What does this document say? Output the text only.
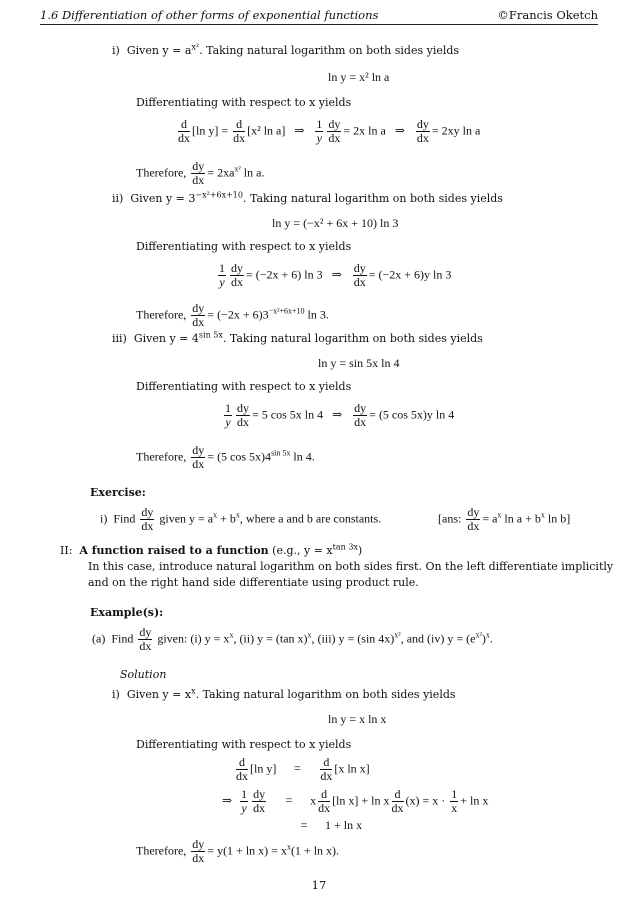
1.6 Differentiation of other forms of exponential functions	©Francis Oketch
i) Given $y = a^{x^2}$. Taking natural logarithm on both sides yields
ln y = x² ln a
Differentiating with respect to x yields
$\frac{d}{dx} [\ln$ $y] = \frac{d}{dx} [x^2$ ln a] ⇒ $\frac{1}{y} \frac{dy}{dx} = 2x$ ln a ⇒ $\frac{dy}{dx} = 2xy$ ln a
Therefore, $\frac{dy}{dx} = 2xa^{x^2}$ ln a.
ii) Given $y = 3^{-x^2+6x+10}$. Taking natural logarithm on both sides yields
ln y = (−x² + 6x + 10) ln 3
Differentiating with respect to x yields
$\frac{1}{y} \frac{dy}{dx} = (-2x + 6)$ ln 3 ⇒ $\frac{dy}{dx} = (-2x + 6)y$ ln 3
Therefore, $\frac{dy}{dx} = (-2x + 6)3^{-x^2+6x+10}$ ln 3.
iii) Given $y = 4^{sin 5x}$. Taking natural logarithm on both sides yields
ln y = sin 5x ln 4
Differentiating with respect to x yields
$\frac{1}{y} \frac{dy}{dx} = 5$ cos 5x ln 4 ⇒ $\frac{dy}{dx} = (5$ cos 5x)y ln 4
Therefore, $\frac{dy}{dx} = (5$ $\cos 5x)4^{sin 5x}$ ln 4.
Exercise:
i) Find $\frac{dy}{dx}$ given $y = a^x + b^x$, where a and b are constants.	[ans: $\frac{dy}{dx} = a^x$ $\ln a + b^x$ ln b]
II: A function raised to a function (e.g., $y = x^{tan 3x}$)
In this case, introduce natural logarithm on both sides first. On the left differentiate implicitly
and on the right hand side differentiate using product rule.
Example(s):
(a) Find $\frac{dy}{dx}$ given: (i) $y = x^x$, (ii) y = (tan x)$^x$, (iii) y = (sin 4x)$^{x^2}$, and (iv) $y = (e^{x^2})^x$.
Solution
i) Given $y = x^x$. Taking natural logarithm on both sides yields
ln y = x ln x
Differentiating with respect to x yields
$\frac{d}{dx} [\ln$ $y] = \frac{d}{dx} [x$ ln x]
⇒ $\frac{1}{y} \frac{dy}{dx} = x \frac{d}{dx} [\ln$ x] + ln x $\frac{d}{dx} (x) = x \cdot \frac{1}{x} + \ln x$
= 1 + ln x
Therefore, $\frac{dy}{dx} = y(1 + \ln x) = x^x(1 + \ln x)$.
17
